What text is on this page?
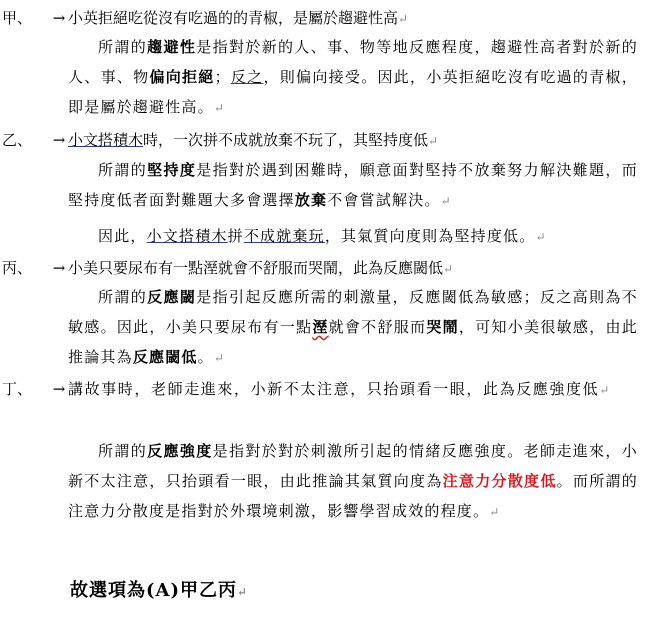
甲、 → 小英拒絕吃從沒有吃過的的青椒，是屬於趨避性高↵
所謂的趨避性是指對於新的人、事、物等地反應程度，趨避性高者對於新的人、事、物偏向拒絕；反之，則偏向接受。因此，小英拒絕吃沒有吃過的青椒，即是屬於趨避性高。↵
乙、 → 小文搭積木時，一次拼不成就放棄不玩了，其堅持度低↵
所謂的堅持度是指對於遇到困難時，願意面對堅持不放棄努力解決難題，而堅持度低者面對難題大多會選擇放棄不會嘗試解決。↵
因此，小文搭積木拼不成就棄玩，其氣質向度則為堅持度低。↵
丙、 → 小美只要尿布有一點溼就會不舒服而哭鬧，此為反應閾低↵
所謂的反應閾是指引起反應所需的刺激量，反應閾低為敏感；反之高則為不敏感。因此，小美只要尿布有一點溼就會不舒服而哭鬧，可知小美很敏感，由此推論其為反應閾低。↵
丁、 → 講故事時，老師走進來，小新不太注意，只抬頭看一眼，此為反應強度低↵
所謂的反應強度是指對於對於刺激所引起的情緒反應強度。老師走進來，小新不太注意，只抬頭看一眼，由此推論其氣質向度為注意力分散度低。而所謂的注意力分散度是指對於外環境刺激，影響學習成效的程度。↵
故選項為(A)甲乙丙↵
